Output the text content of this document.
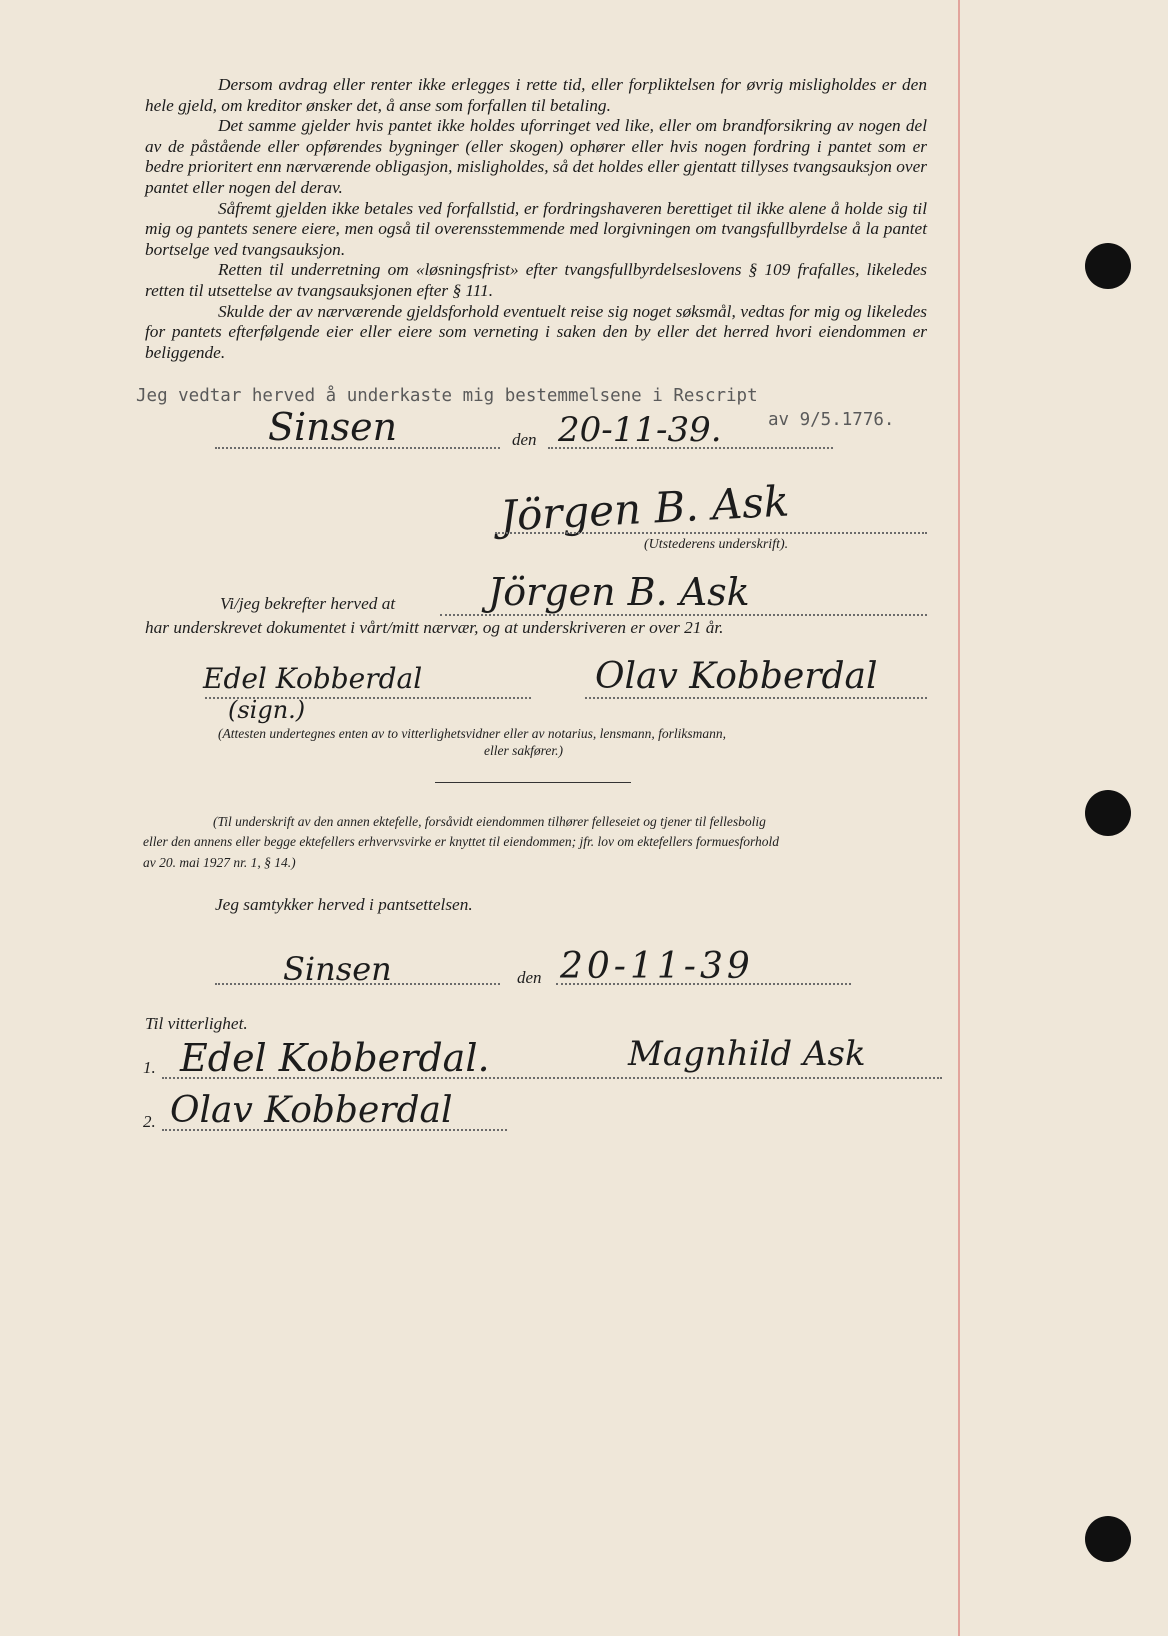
Dersom avdrag eller renter ikke erlegges i rette tid, eller forpliktelsen for øvrig misligholdes er den hele gjeld, om kreditor ønsker det, å anse som forfallen til betaling.

Det samme gjelder hvis pantet ikke holdes uforringet ved like, eller om brandforsikring av nogen del av de påstående eller opførendes bygninger (eller skogen) ophører eller hvis nogen fordring i pantet som er bedre prioritert enn nærværende obligasjon, misligholdes, så det holdes eller gjentatt tillyses tvangsauksjon over pantet eller nogen del derav.

Såfremt gjelden ikke betales ved forfallstid, er fordringshaveren berettiget til ikke alene å holde sig til mig og pantets senere eiere, men også til overensstemmende med lorgivningen om tvangsfullbyrdelse å la pantet bortselge ved tvangsauksjon.

Retten til underretning om «løsningsfrist» efter tvangsfullbyrdelseslovens § 109 frafalles, likeledes retten til utsettelse av tvangsauksjonen efter § 111.

Skulde der av nærværende gjeldsforhold eventuelt reise sig noget søksmål, vedtas for mig og likeledes for pantets efterfølgende eier eller eiere som verneting i saken den by eller det herred hvori eiendommen er beliggende.

Jeg vedtar herved å underkaste mig bestemmelsene i Rescript
av 9/5.1776.
Sinsen	den 20-11-39.
Jörgen B. Ask
(Utstederens underskrift).
Vi/jeg bekrefter herved at Jörgen B. Ask
har underskrevet dokumentet i vårt/mitt nærvær, og at underskriveren er over 21 år.
Edel Kobberdal
(sign.)
Olav Kobberdal
(Attesten undertegnes enten av to vitterlighetsvidner eller av notarius, lensmann, forliksmann,
eller sakfører.)
(Til underskrift av den annen ektefelle, forsåvidt eiendommen tilhører felleseiet og tjener til fellesbolig
eller den annens eller begge ektefellers erhvervsvirke er knyttet til eiendommen; jfr. lov om ektefellers formuesforhold
av 20. mai 1927 nr. 1, § 14.)
Jeg samtykker herved i pantsettelsen.
Sinsen	den 20-11-39
Til vitterlighet.
1. Edel Kobberdal.	Magnhild Ask
2. Olav Kobberdal
